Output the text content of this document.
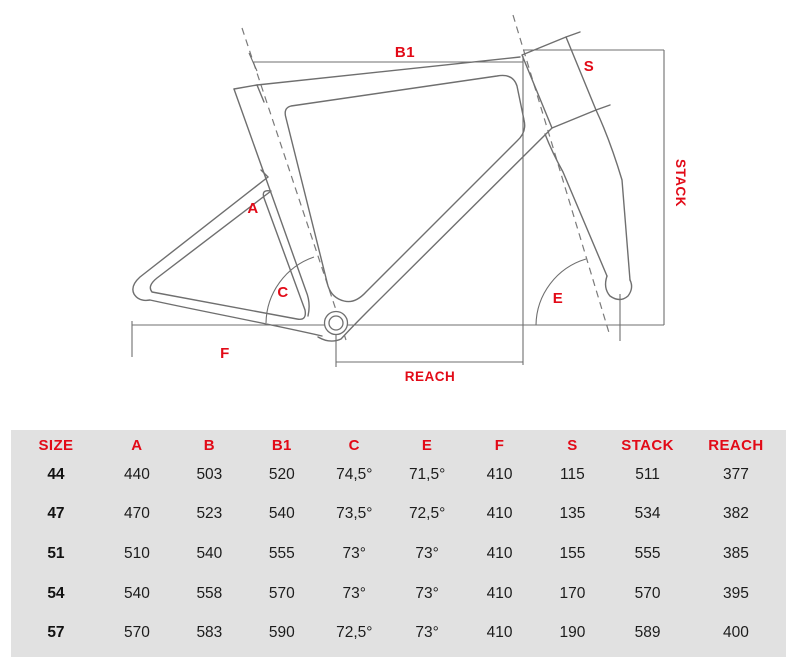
B1
S
A
C	E
F
REACH
STACK
SIZE	A	B	B1	C	E	F	S	STACK	REACH
44	440	503	520	74,5°	71,5°	410	115	511	377
47	470	523	540	73,5°	72,5°	410	135	534	382
51	510	540	555	73°	73°	410	155	555	385
54	540	558	570	73°	73°	410	170	570	395
57	570	583	590	72,5°	73°	410	190	589	400
